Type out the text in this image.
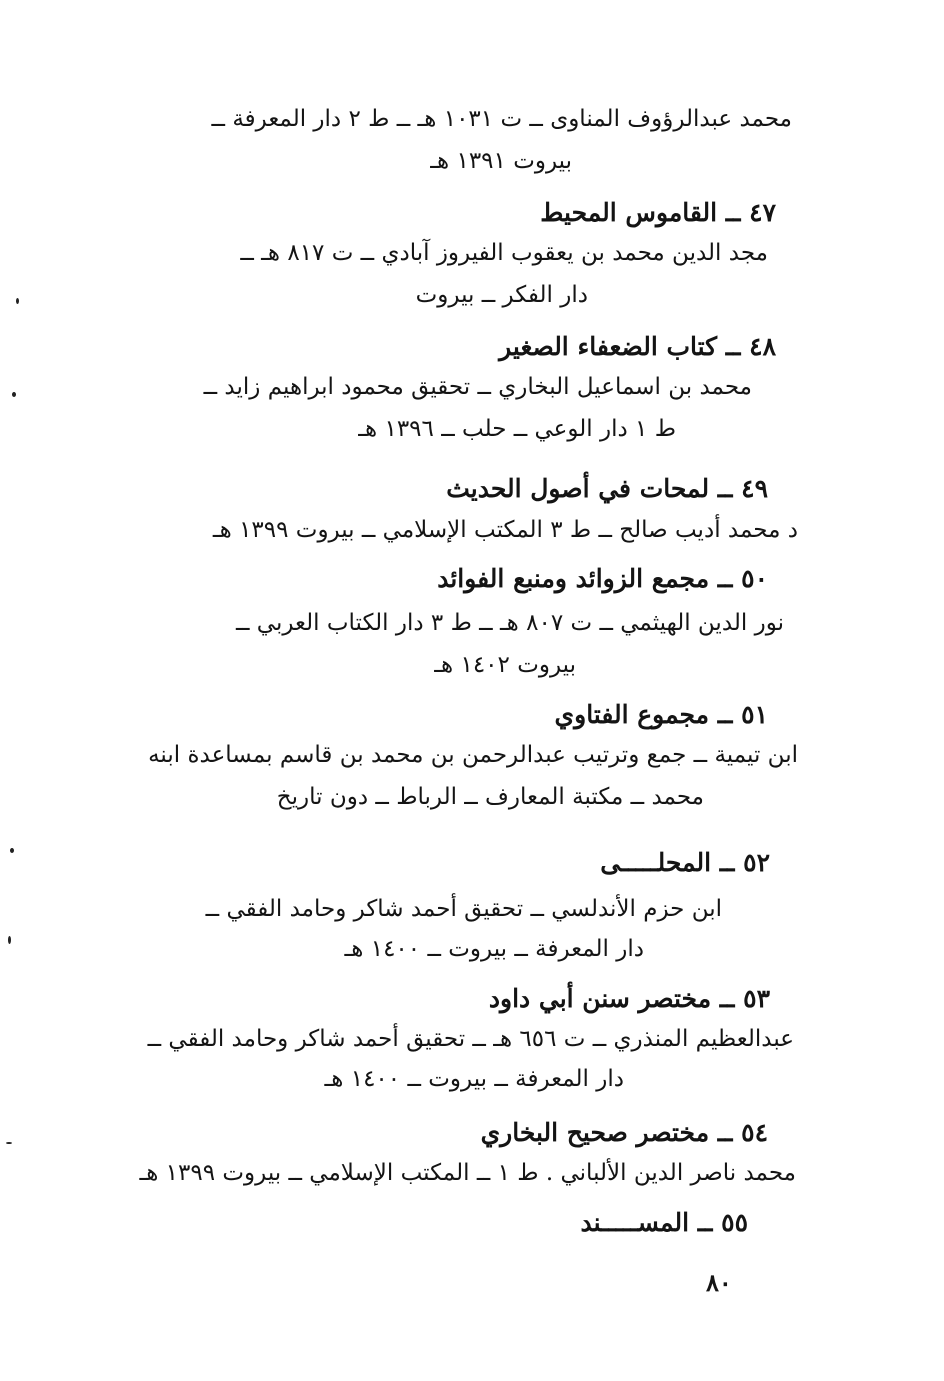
محمد عبدالرؤوف المناوى ــ ت ١٠٣١ هـ ــ ط ٢ دار المعرفة ــ
بيروت ١٣٩١ هـ
٤٧ ــ القاموس المحيط
مجد الدين محمد بن يعقوب الفيروز آبادي ــ ت ٨١٧ هـ ــ
دار الفكر ــ بيروت
٤٨ ــ كتاب الضعفاء الصغير
محمد بن اسماعيل البخاري ــ تحقيق محمود ابراهيم زايد ــ
ط ١ دار الوعي ــ حلب ــ ١٣٩٦ هـ
٤٩ ــ لمحات في أصول الحديث
د محمد أديب صالح ــ ط ٣ المكتب الإسلامي ــ بيروت ١٣٩٩ هـ
٥٠ ــ مجمع الزوائد ومنبع الفوائد
نور الدين الهيثمي ــ ت ٨٠٧ هـ ــ ط ٣ دار الكتاب العربي ــ
بيروت ١٤٠٢ هـ
٥١ ــ مجموع الفتاوي
ابن تيمية ــ جمع وترتيب عبدالرحمن بن محمد بن قاسم بمساعدة ابنه
محمد ــ مكتبة المعارف ــ الرباط ــ دون تاريخ
٥٢ ــ المحلـــــى
ابن حزم الأندلسي ــ تحقيق أحمد شاكر وحامد الفقي ــ
دار المعرفة ــ بيروت ــ ١٤٠٠ هـ
٥٣ ــ مختصر سنن أبي داود
عبدالعظيم المنذري ــ ت ٦٥٦ هـ ــ تحقيق أحمد شاكر وحامد الفقي ــ
دار المعرفة ــ بيروت ــ ١٤٠٠ هـ
٥٤ ــ مختصر صحيح البخاري
محمد ناصر الدين الألباني . ط ١ ــ المكتب الإسلامي ــ بيروت ١٣٩٩ هـ
٥٥ ــ المســـــند
٨٠
